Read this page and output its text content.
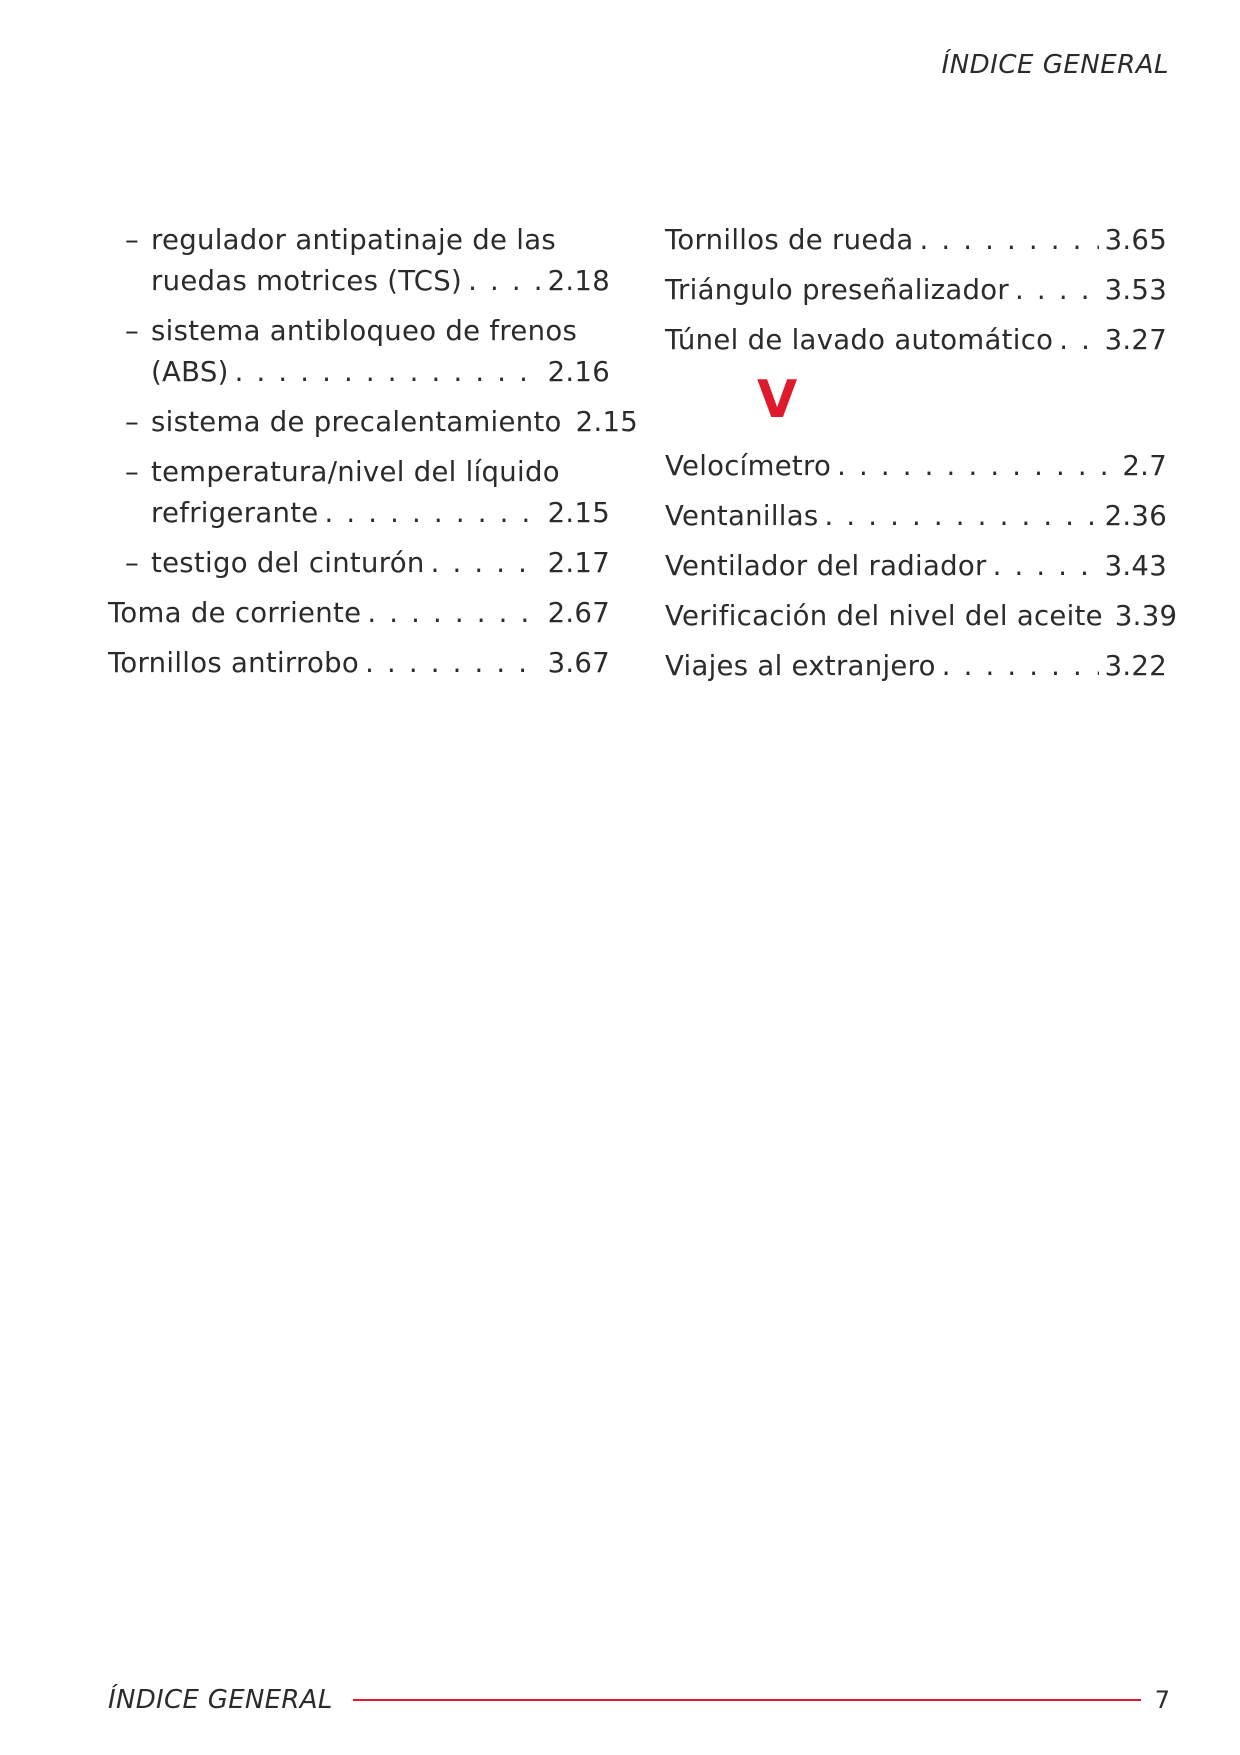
ÍNDICE GENERAL
– regulador antipatinaje de las
ruedas motrices (TCS) . . .	2.18
– sistema antibloqueo de frenos
(ABS) . . .	2.16
– sistema de precalentamiento 2.15
– temperatura/nivel del líquido
refrigerante . . .	2.15
– testigo del cinturón . . .	2.17
Toma de corriente . . .	2.67
Tornillos antirrobo . . .	3.67
Tornillos de rueda . . .	3.65
Triángulo preseñalizador . . .	3.53
Túnel de lavado automático . . . 3.27
V
Velocímetro . . .	2.7
Ventanillas . . .	2.36
Ventilador del radiador . . .	3.43
Verificación del nivel del aceite 3.39
Viajes al extranjero . . .	3.22
ÍNDICE GENERAL	7
